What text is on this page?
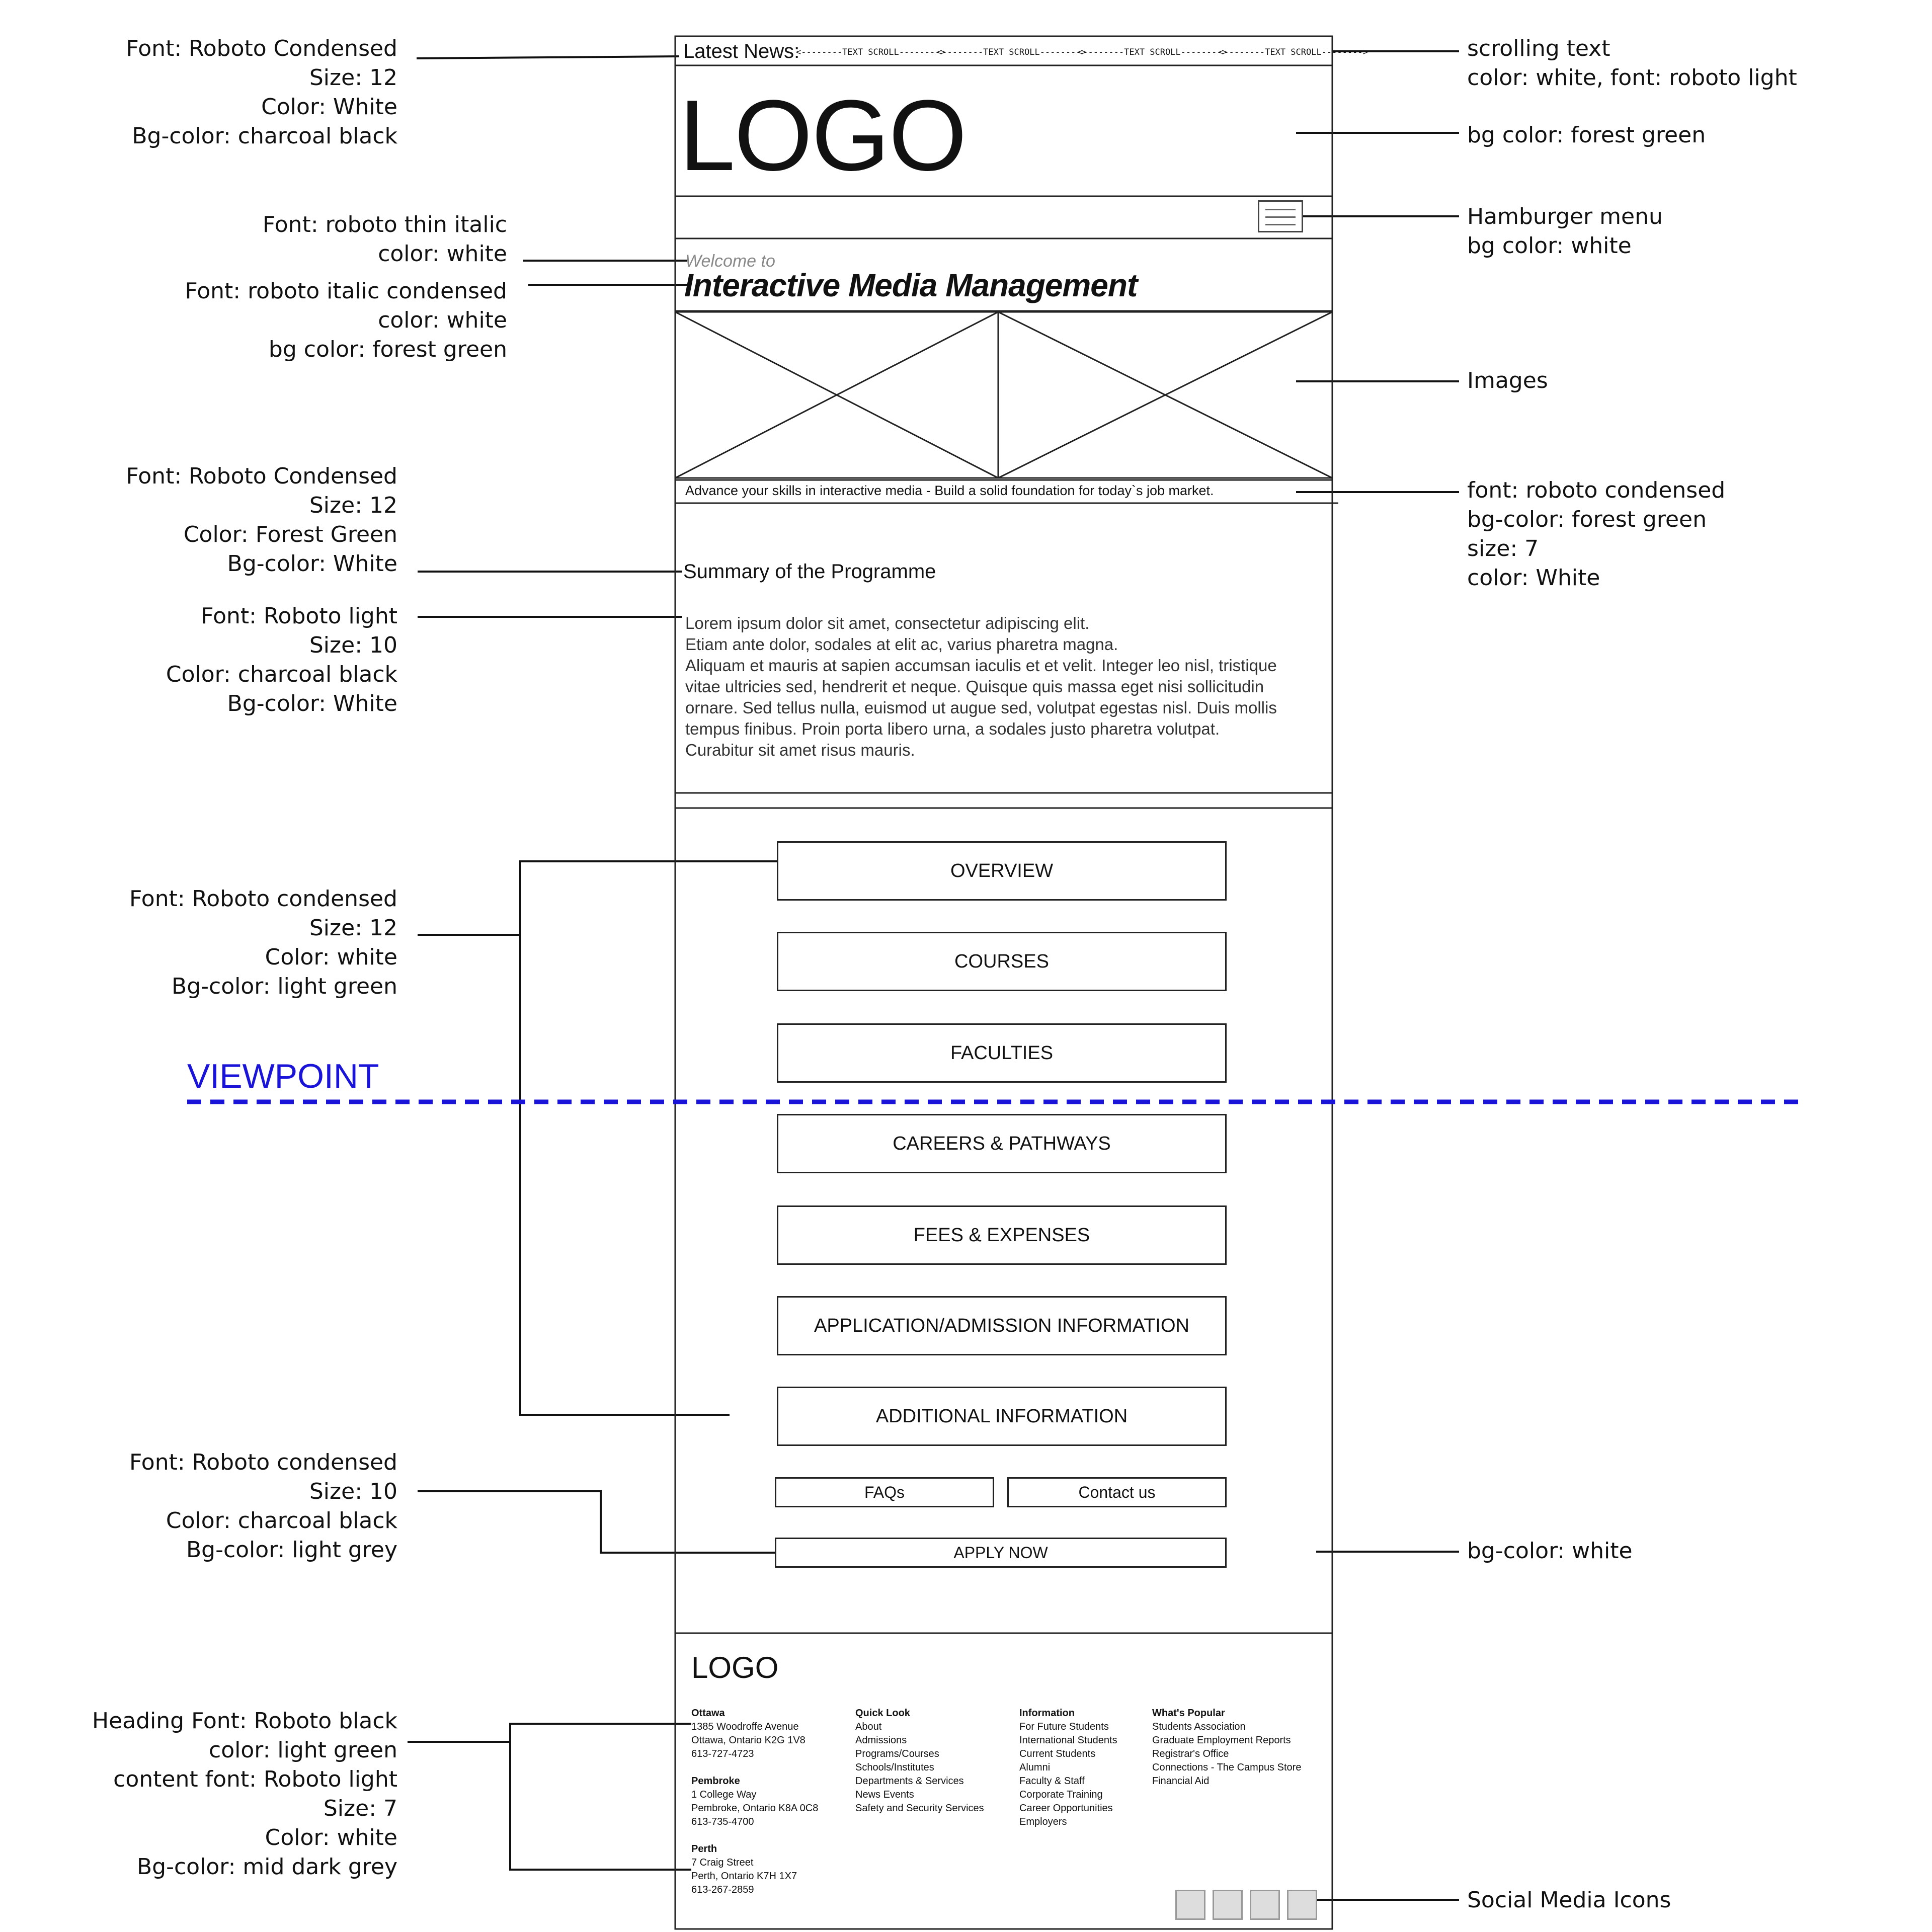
Font: Roboto Condensed
Size: 12
Color: White
Bg-color: charcoal black
Font: roboto thin italic
color: white
Font: roboto italic condensed
color: white
bg color: forest green
Font: Roboto Condensed
Size: 12
Color: Forest Green
Bg-color: White
Font: Roboto light
Size: 10
Color: charcoal black
Bg-color: White
Font: Roboto condensed
Size: 12
Color: white
Bg-color: light green
Font: Roboto condensed
Size: 10
Color: charcoal black
Bg-color: light grey
Heading Font: Roboto black
color: light green
content font: Roboto light
Size: 7
Color: white
Bg-color: mid dark grey
scrolling text
color: white, font: roboto light
bg color: forest green
Hamburger menu
bg color: white
Images
font: roboto condensed
bg-color: forest green
size: 7
color: White
bg-color: white
Social Media Icons
VIEWPOINT
Latest News:
<--------TEXT SCROLL-------->
<--------TEXT SCROLL-------->
<--------TEXT SCROLL-------->
<--------TEXT SCROLL-------->
LOGO
Welcome to
Interactive Media Management
Advance your skills in interactive media - Build a solid foundation for today`s job market.
Summary of the Programme
Lorem ipsum dolor sit amet, consectetur adipiscing elit.
Etiam ante dolor, sodales at elit ac, varius pharetra magna.
Aliquam et mauris at sapien accumsan iaculis et et velit. Integer leo nisl, tristique
vitae ultricies sed, hendrerit et neque. Quisque quis massa eget nisi sollicitudin
ornare. Sed tellus nulla, euismod ut augue sed, volutpat egestas nisl. Duis mollis
tempus finibus. Proin porta libero urna, a sodales justo pharetra volutpat.
Curabitur sit amet risus mauris.
OVERVIEW
COURSES
FACULTIES
CAREERS & PATHWAYS
FEES & EXPENSES
APPLICATION/ADMISSION INFORMATION
ADDITIONAL INFORMATION
FAQs	Contact us
APPLY NOW
LOGO
Ottawa
1385 Woodroffe Avenue
Ottawa, Ontario K2G 1V8
613-727-4723
Pembroke
1 College Way
Pembroke, Ontario K8A 0C8
613-735-4700
Perth
7 Craig Street
Perth, Ontario K7H 1X7
613-267-2859
Quick Look
About
Admissions
Programs/Courses
Schools/Institutes
Departments & Services
News Events
Safety and Security Services
Information
For Future Students
International Students
Current Students
Alumni
Faculty & Staff
Corporate Training
Career Opportunities
Employers
What's Popular
Students Association
Graduate Employment Reports
Registrar's Office
Connections - The Campus Store
Financial Aid
